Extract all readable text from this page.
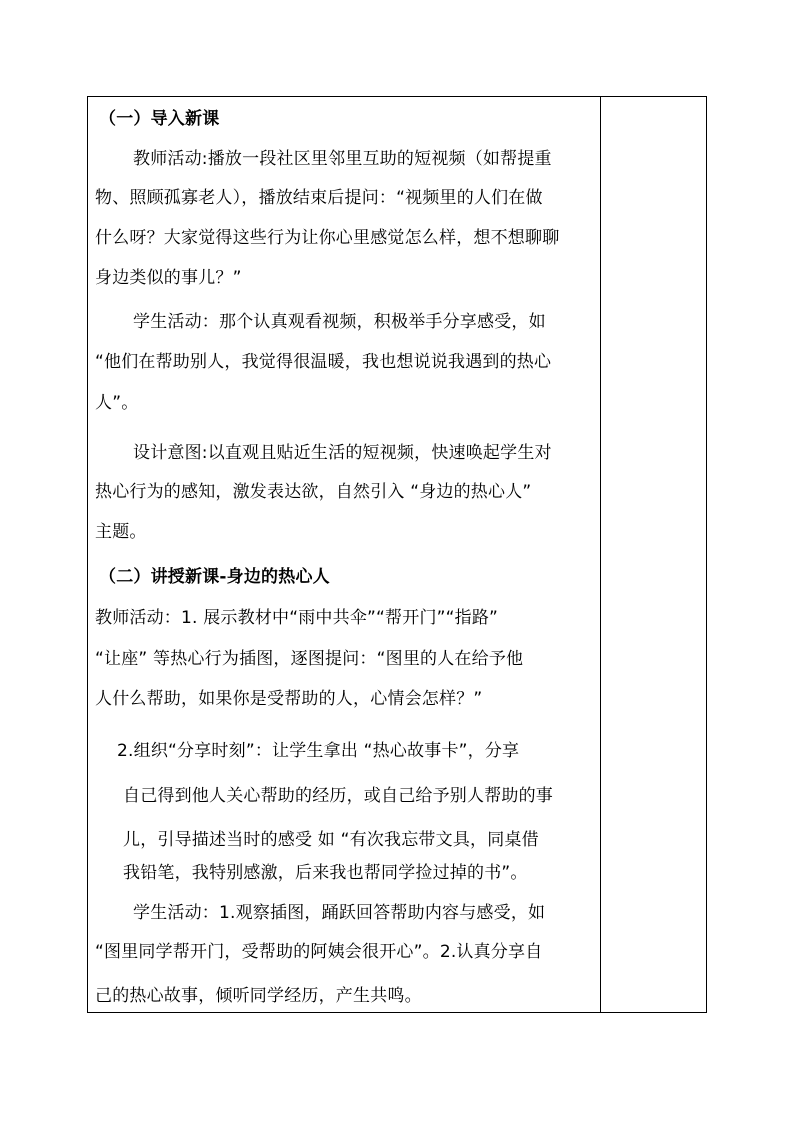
（一）导入新课
教师活动:播放一段社区里邻里互助的短视频（如帮提重
物、照顾孤寡老人），播放结束后提问：“视频里的人们在做
什么呀？大家觉得这些行为让你心里感觉怎么样，想不想聊聊
身边类似的事儿？”
学生活动：那个认真观看视频，积极举手分享感受，如
“他们在帮助别人，我觉得很温暖，我也想说说我遇到的热心
人”。
设计意图:以直观且贴近生活的短视频，快速唤起学生对
热心行为的感知，激发表达欲，自然引入 “身边的热心人”
主题。
（二）讲授新课-身边的热心人
教师活动：1. 展示教材中“雨中共伞”“帮开门”“指路”
“让座” 等热心行为插图，逐图提问：“图里的人在给予他
人什么帮助，如果你是受帮助的人，心情会怎样？”
2.组织“分享时刻”：让学生拿出 “热心故事卡”，分享
自己得到他人关心帮助的经历，或自己给予别人帮助的事
儿，引导描述当时的感受 如 “有次我忘带文具，同桌借
我铅笔，我特别感激，后来我也帮同学捡过掉的书”。
学生活动：1.观察插图，踊跃回答帮助内容与感受，如
“图里同学帮开门，受帮助的阿姨会很开心”。2.认真分享自
己的热心故事，倾听同学经历，产生共鸣。
